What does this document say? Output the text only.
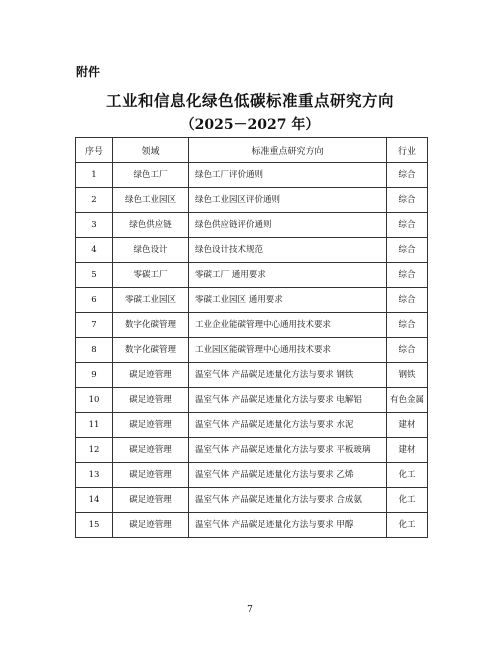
附件
工业和信息化绿色低碳标准重点研究方向
（2025－2027 年）
序号	领域	标准重点研究方向	行业
1	绿色工厂	绿色工厂评价通则	综合
2	绿色工业园区	绿色工业园区评价通则	综合
3	绿色供应链	绿色供应链评价通则	综合
4	绿色设计	绿色设计技术规范	综合
5	零碳工厂	零碳工厂 通用要求	综合
6	零碳工业园区	零碳工业园区 通用要求	综合
7	数字化碳管理	工业企业能碳管理中心通用技术要求	综合
8	数字化碳管理	工业园区能碳管理中心通用技术要求	综合
9	碳足迹管理	温室气体 产品碳足迹量化方法与要求 钢铁	钢铁
10	碳足迹管理	温室气体 产品碳足迹量化方法与要求 电解铝	有色金属
11	碳足迹管理	温室气体 产品碳足迹量化方法与要求 水泥	建材
12	碳足迹管理	温室气体 产品碳足迹量化方法与要求 平板玻璃	建材
13	碳足迹管理	温室气体 产品碳足迹量化方法与要求 乙烯	化工
14	碳足迹管理	温室气体 产品碳足迹量化方法与要求 合成氨	化工
15	碳足迹管理	温室气体 产品碳足迹量化方法与要求 甲醇	化工
7
